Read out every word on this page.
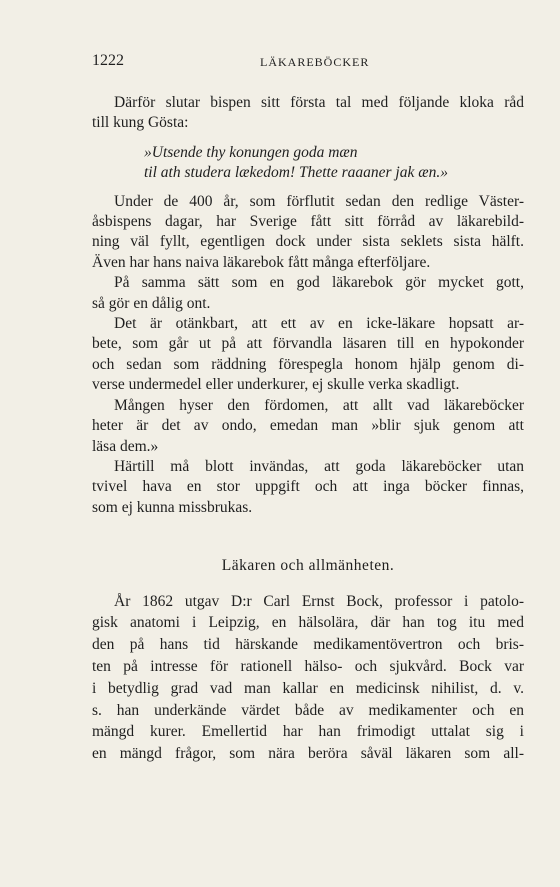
1222	LÄKAREBÖCKER
Därför slutar bispen sitt första tal med följande kloka råd
till kung Gösta:
»Utsende thy konungen goda mæn
til ath studera lækedom! Thette raaaner jak æn.»
Under de 400 år, som förflutit sedan den redlige Väster-
åsbispens dagar, har Sverige fått sitt förråd av läkarebild-
ning väl fyllt, egentligen dock under sista seklets sista hälft.
Även har hans naiva läkarebok fått många efterföljare.
På samma sätt som en god läkarebok gör mycket gott,
så gör en dålig ont.
Det är otänkbart, att ett av en icke-läkare hopsatt ar-
bete, som går ut på att förvandla läsaren till en hypokonder
och sedan som räddning förespegla honom hjälp genom di-
verse undermedel eller underkurer, ej skulle verka skadligt.
Mången hyser den fördomen, att allt vad läkareböcker
heter är det av ondo, emedan man »blir sjuk genom att
läsa dem.»
Härtill må blott invändas, att goda läkareböcker utan
tvivel hava en stor uppgift och att inga böcker finnas,
som ej kunna missbrukas.
Läkaren och allmänheten.
År 1862 utgav D:r Carl Ernst Bock, professor i patolo-
gisk anatomi i Leipzig, en hälsolära, där han tog itu med
den på hans tid härskande medikamentövertron och bris-
ten på intresse för rationell hälso- och sjukvård. Bock var
i betydlig grad vad man kallar en medicinsk nihilist, d. v.
s. han underkände värdet både av medikamenter och en
mängd kurer. Emellertid har han frimodigt uttalat sig i
en mängd frågor, som nära beröra såväl läkaren som all-
